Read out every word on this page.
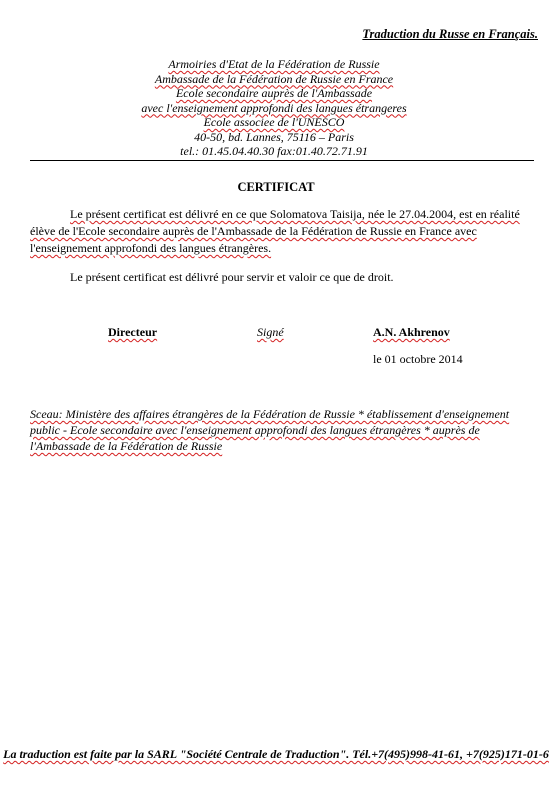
Traduction du Russe en Français.
Armoiries d'Etat de la Fédération de Russie
Ambassade de la Fédération de Russie en France
Ecole secondaire auprès de l'Ambassade
avec l'enseignement approfondi des langues étrangeres
Ecole associee de l'UNESCO
40-50, bd. Lannes, 75116 – Paris
tel.: 01.45.04.40.30 fax:01.40.72.71.91
CERTIFICAT
Le présent certificat est délivré en ce que Solomatova Taisija, née le 27.04.2004, est en réalité élève de l'Ecole secondaire auprès de l'Ambassade de la Fédération de Russie en France avec l'enseignement approfondi des langues étrangères.
Le présent certificat est délivré pour servir et valoir ce que de droit.
Directeur	Signé	A.N. Akhrenov
le 01 octobre 2014
Sceau: Ministère des affaires étrangères de la Fédération de Russie * établissement d'enseignement public - Ecole secondaire avec l'enseignement approfondi des langues étrangères * auprès de l'Ambassade de la Fédération de Russie
La traduction est faite par la SARL "Société Centrale de Traduction". Tél.+7(495)998-41-61, +7(925)171-01-6
